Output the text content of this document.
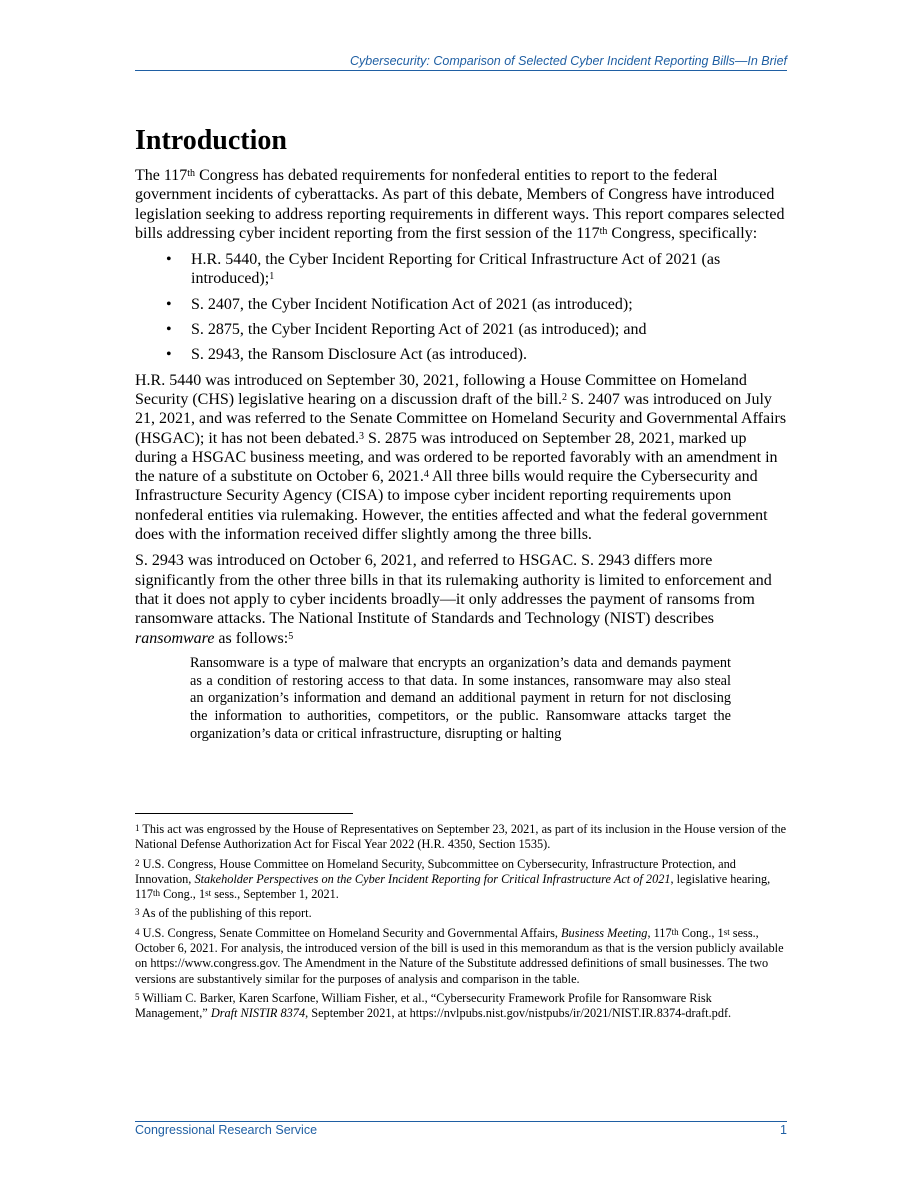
Cybersecurity: Comparison of Selected Cyber Incident Reporting Bills—In Brief
Introduction

The 117th Congress has debated requirements for nonfederal entities to report to the federal government incidents of cyberattacks. As part of this debate, Members of Congress have introduced legislation seeking to address reporting requirements in different ways. This report compares selected bills addressing cyber incident reporting from the first session of the 117th Congress, specifically:

• H.R. 5440, the Cyber Incident Reporting for Critical Infrastructure Act of 2021 (as introduced);$^1$
• S. 2407, the Cyber Incident Notification Act of 2021 (as introduced);
• S. 2875, the Cyber Incident Reporting Act of 2021 (as introduced); and
• S. 2943, the Ransom Disclosure Act (as introduced).

H.R. 5440 was introduced on September 30, 2021, following a House Committee on Homeland Security (CHS) legislative hearing on a discussion draft of the bill.$^2$ S. 2407 was introduced on July 21, 2021, and was referred to the Senate Committee on Homeland Security and Governmental Affairs (HSGAC); it has not been debated.$^3$ S. 2875 was introduced on September 28, 2021, marked up during a HSGAC business meeting, and was ordered to be reported favorably with an amendment in the nature of a substitute on October 6, 2021.$^4$ All three bills would require the Cybersecurity and Infrastructure Security Agency (CISA) to impose cyber incident reporting requirements upon nonfederal entities via rulemaking. However, the entities affected and what the federal government does with the information received differ slightly among the three bills.

S. 2943 was introduced on October 6, 2021, and referred to HSGAC. S. 2943 differs more significantly from the other three bills in that its rulemaking authority is limited to enforcement and that it does not apply to cyber incidents broadly—it only addresses the payment of ransoms from ransomware attacks. The National Institute of Standards and Technology (NIST) describes ransomware as follows:$^5$

Ransomware is a type of malware that encrypts an organization’s data and demands payment as a condition of restoring access to that data. In some instances, ransomware may also steal an organization’s information and demand an additional payment in return for not disclosing the information to authorities, competitors, or the public. Ransomware attacks target the organization’s data or critical infrastructure, disrupting or halting
$^1$ This act was engrossed by the House of Representatives on September 23, 2021, as part of its inclusion in the House version of the National Defense Authorization Act for Fiscal Year 2022 (H.R. 4350, Section 1535).
$^2$ U.S. Congress, House Committee on Homeland Security, Subcommittee on Cybersecurity, Infrastructure Protection, and Innovation, Stakeholder Perspectives on the Cyber Incident Reporting for Critical Infrastructure Act of 2021, legislative hearing, 117th Cong., 1st sess., September 1, 2021.
$^3$ As of the publishing of this report.
$^4$ U.S. Congress, Senate Committee on Homeland Security and Governmental Affairs, Business Meeting, 117th Cong., 1st sess., October 6, 2021. For analysis, the introduced version of the bill is used in this memorandum as that is the version publicly available on https://www.congress.gov. The Amendment in the Nature of the Substitute addressed definitions of small businesses. The two versions are substantively similar for the purposes of analysis and comparison in the table.
$^5$ William C. Barker, Karen Scarfone, William Fisher, et al., “Cybersecurity Framework Profile for Ransomware Risk Management,” Draft NISTIR 8374, September 2021, at https://nvlpubs.nist.gov/nistpubs/ir/2021/NIST.IR.8374-draft.pdf.
Congressional Research Service	1
